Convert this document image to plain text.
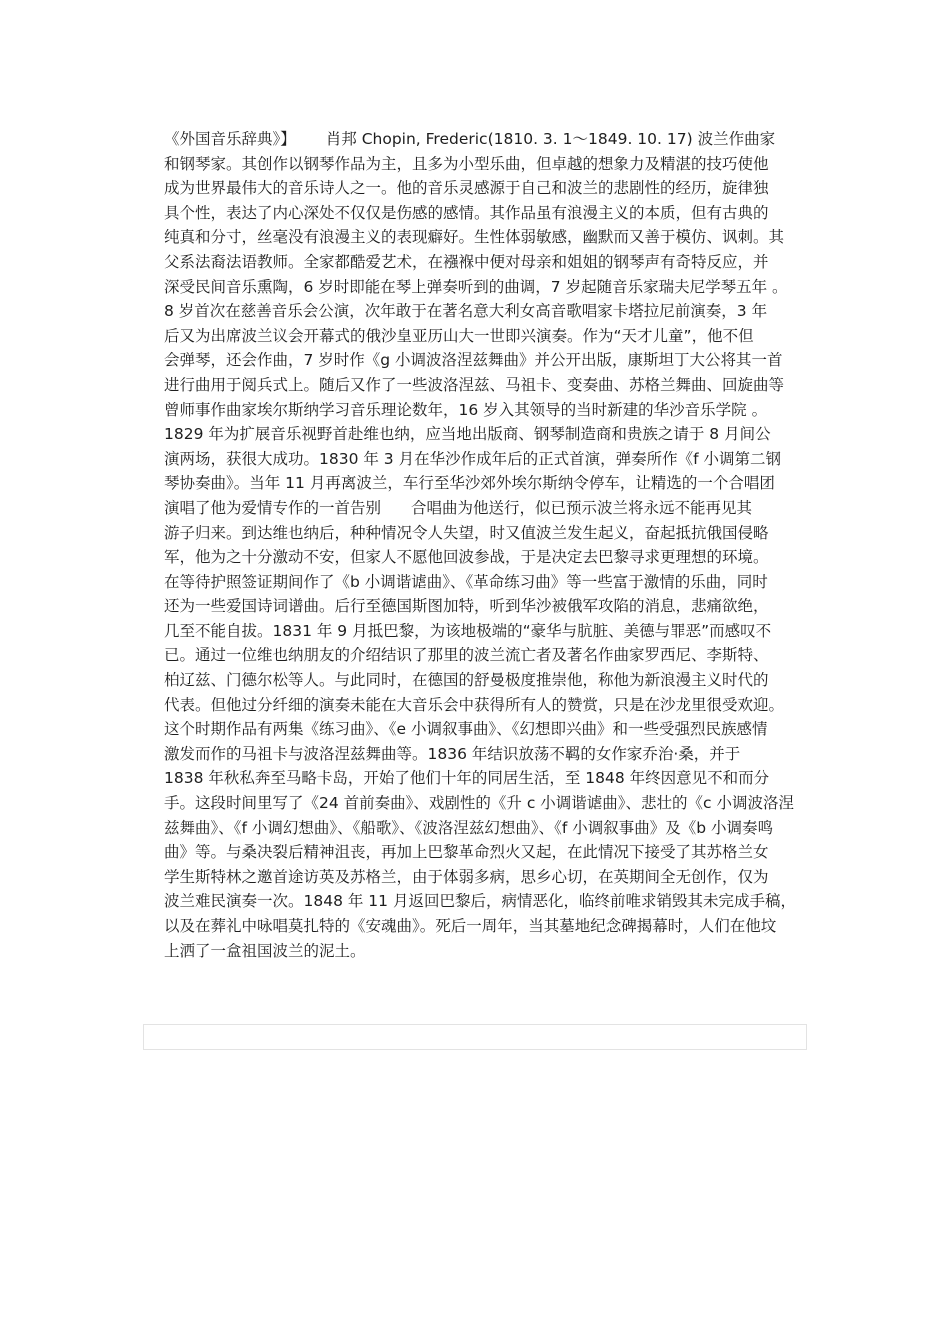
《外国音乐辞典》】 肖邦 Chopin, Frederic(1810. 3. 1～1849. 10. 17) 波兰作曲家
和钢琴家。其创作以钢琴作品为主，且多为小型乐曲，但卓越的想象力及精湛的技巧使他
成为世界最伟大的音乐诗人之一。他的音乐灵感源于自己和波兰的悲剧性的经历，旋律独
具个性，表达了内心深处不仅仅是伤感的感情。其作品虽有浪漫主义的本质，但有古典的
纯真和分寸，丝毫没有浪漫主义的表现癖好。生性体弱敏感，幽默而又善于模仿、讽刺。其
父系法裔法语教师。全家都酷爱艺术，在襁褓中便对母亲和姐姐的钢琴声有奇特反应，并
深受民间音乐熏陶，6 岁时即能在琴上弹奏听到的曲调，7 岁起随音乐家瑞夫尼学琴五年 。
8 岁首次在慈善音乐会公演，次年敢于在著名意大利女高音歌唱家卡塔拉尼前演奏，3 年
后又为出席波兰议会开幕式的俄沙皇亚历山大一世即兴演奏。作为“天才儿童”，他不但
会弹琴，还会作曲，7 岁时作《g 小调波洛涅兹舞曲》并公开出版，康斯坦丁大公将其一首
进行曲用于阅兵式上。随后又作了一些波洛涅兹、马祖卡、变奏曲、苏格兰舞曲、回旋曲等
曾师事作曲家埃尔斯纳学习音乐理论数年，16 岁入其领导的当时新建的华沙音乐学院 。
1829 年为扩展音乐视野首赴维也纳，应当地出版商、钢琴制造商和贵族之请于 8 月间公
演两场，获很大成功。1830 年 3 月在华沙作成年后的正式首演，弹奏所作《f 小调第二钢
琴协奏曲》。当年 11 月再离波兰，车行至华沙郊外埃尔斯纳令停车，让精选的一个合唱团
演唱了他为爱情专作的一首告别 合唱曲为他送行，似已预示波兰将永远不能再见其
游子归来。到达维也纳后，种种情况令人失望，时又值波兰发生起义，奋起抵抗俄国侵略
军，他为之十分激动不安，但家人不愿他回波参战，于是决定去巴黎寻求更理想的环境。
在等待护照签证期间作了《b 小调谐谑曲》、《革命练习曲》等一些富于激情的乐曲，同时
还为一些爱国诗词谱曲。后行至德国斯图加特，听到华沙被俄军攻陷的消息，悲痛欲绝，
几至不能自拔。1831 年 9 月抵巴黎，为该地极端的“豪华与肮脏、美德与罪恶”而感叹不
已。通过一位维也纳朋友的介绍结识了那里的波兰流亡者及著名作曲家罗西尼、李斯特、
柏辽兹、门德尔松等人。与此同时，在德国的舒曼极度推崇他，称他为新浪漫主义时代的
代表。但他过分纤细的演奏未能在大音乐会中获得所有人的赞赏，只是在沙龙里很受欢迎。
这个时期作品有两集《练习曲》、《e 小调叙事曲》、《幻想即兴曲》和一些受强烈民族感情
激发而作的马祖卡与波洛涅兹舞曲等。1836 年结识放荡不羁的女作家乔治·桑，并于
1838 年秋私奔至马略卡岛，开始了他们十年的同居生活，至 1848 年终因意见不和而分
手。这段时间里写了《24 首前奏曲》、戏剧性的《升 c 小调谐谑曲》、悲壮的《c 小调波洛涅
兹舞曲》、《f 小调幻想曲》、《船歌》、《波洛涅兹幻想曲》、《f 小调叙事曲》及《b 小调奏鸣
曲》等。与桑决裂后精神沮丧，再加上巴黎革命烈火又起，在此情况下接受了其苏格兰女
学生斯特林之邀首途访英及苏格兰，由于体弱多病，思乡心切，在英期间全无创作，仅为
波兰难民演奏一次。1848 年 11 月返回巴黎后，病情恶化，临终前唯求销毁其未完成手稿，
以及在葬礼中咏唱莫扎特的《安魂曲》。死后一周年，当其墓地纪念碑揭幕时，人们在他坟
上洒了一盒祖国波兰的泥土。
